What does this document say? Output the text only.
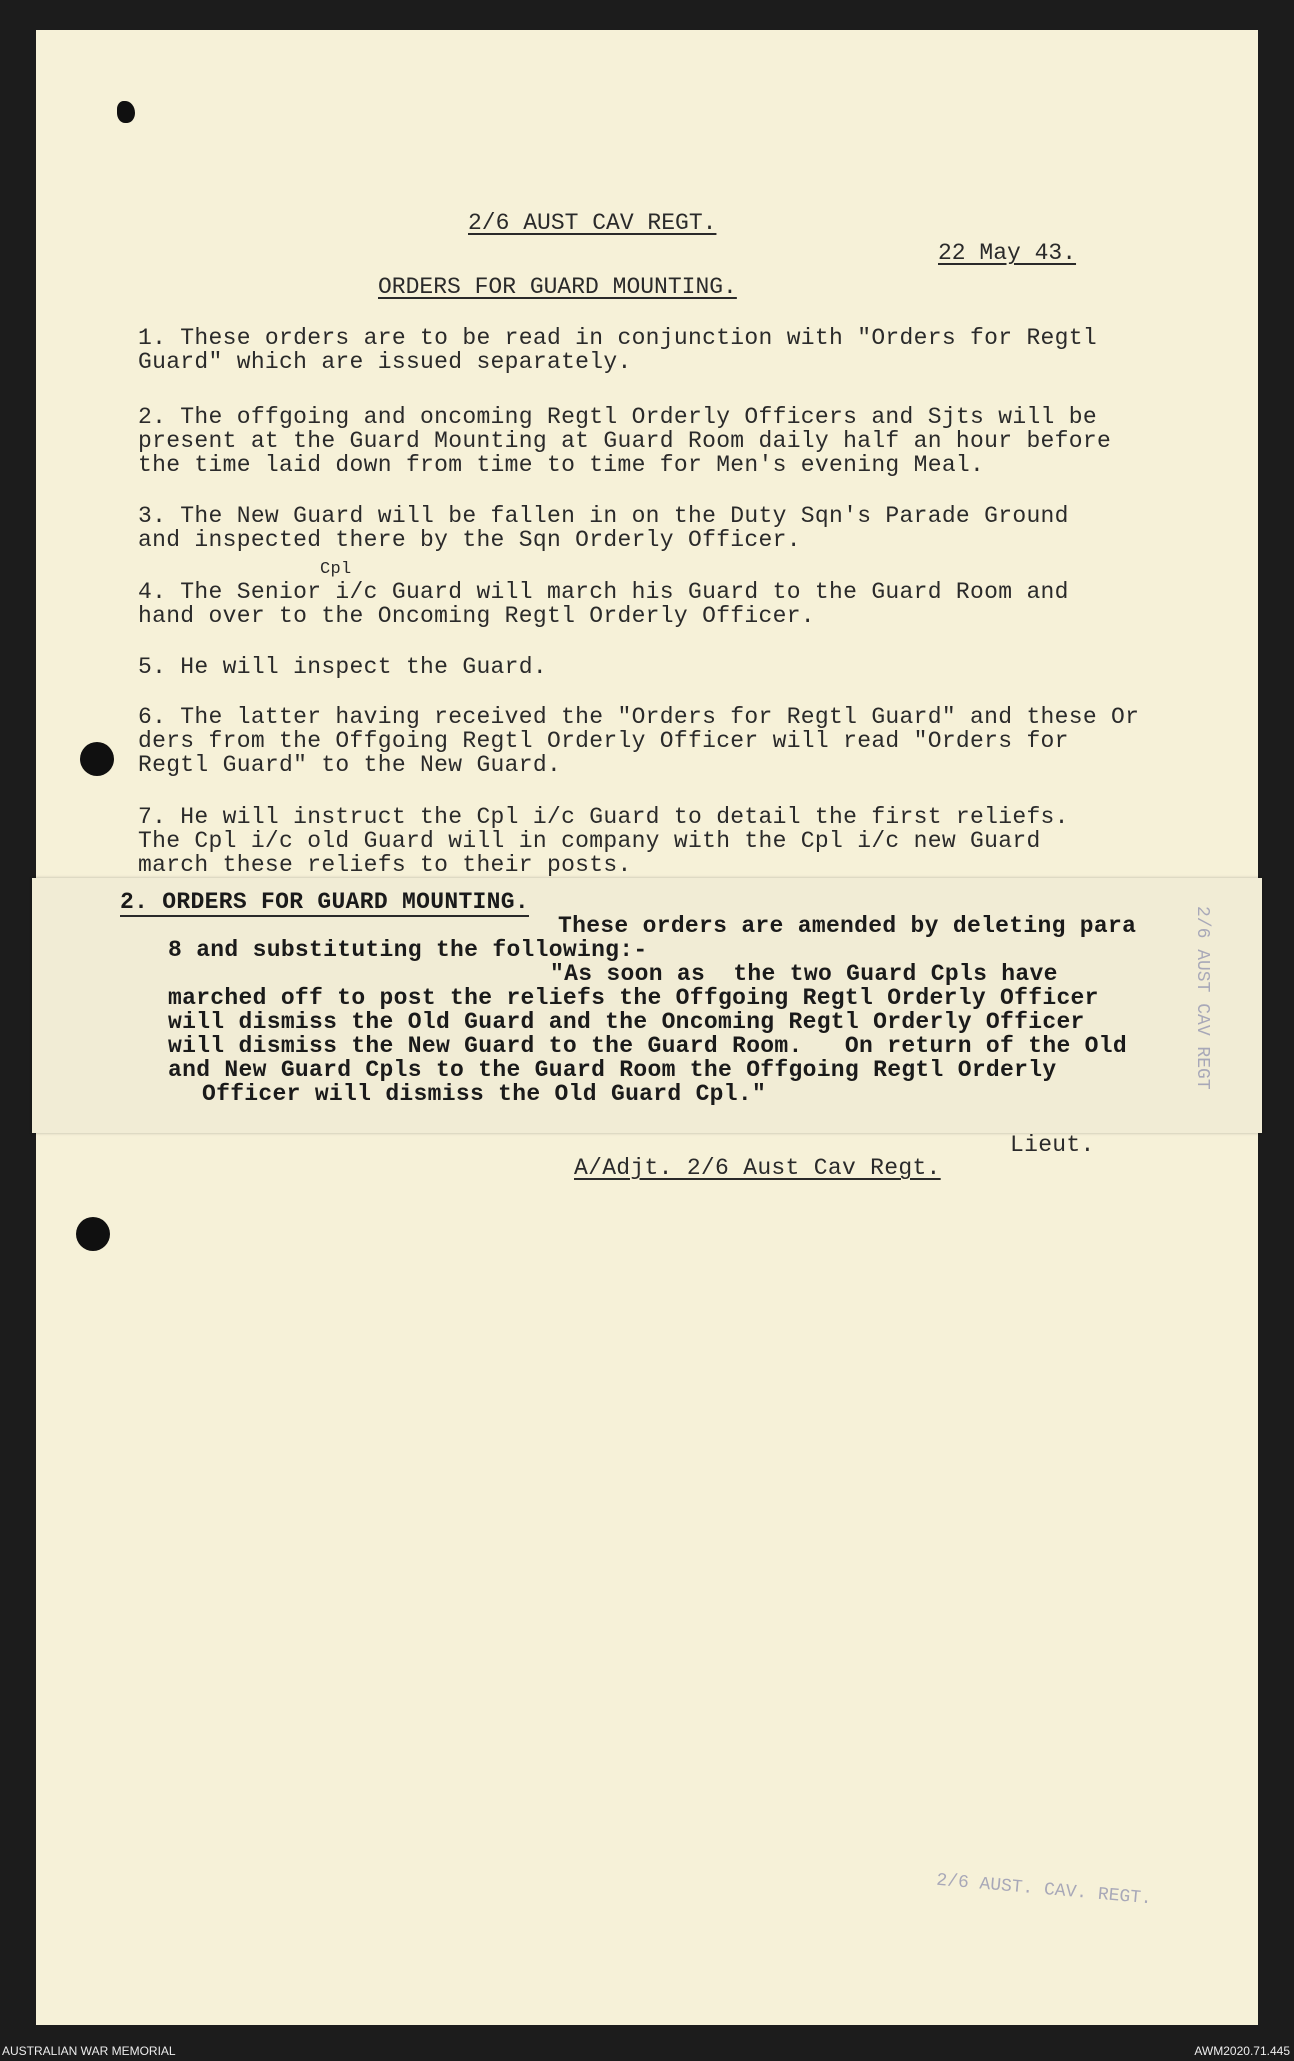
2/6 AUST CAV REGT.
22 May 43.
ORDERS FOR GUARD MOUNTING.
1. These orders are to be read in conjunction with "Orders for Regtl
Guard" which are issued separately.
2. The offgoing and oncoming Regtl Orderly Officers and Sjts will be
present at the Guard Mounting at Guard Room daily half an hour before
the time laid down from time to time for Men's evening Meal.
3. The New Guard will be fallen in on the Duty Sqn's Parade Ground
and inspected there by the Sqn Orderly Officer.
Cpl
4. The Senior i/c Guard will march his Guard to the Guard Room and
hand over to the Oncoming Regtl Orderly Officer.
5. He will inspect the Guard.
6. The latter having received the "Orders for Regtl Guard" and these Or
ders from the Offgoing Regtl Orderly Officer will read "Orders for
Regtl Guard" to the New Guard.
7. He will instruct the Cpl i/c Guard to detail the first reliefs.
The Cpl i/c old Guard will in company with the Cpl i/c new Guard
march these reliefs to their posts.
2. ORDERS FOR GUARD MOUNTING.
These orders are amended by deleting para
8 and substituting the following:-
"As soon as  the two Guard Cpls have
marched off to post the reliefs the Offgoing Regtl Orderly Officer
will dismiss the Old Guard and the Oncoming Regtl Orderly Officer
will dismiss the New Guard to the Guard Room.   On return of the Old
and New Guard Cpls to the Guard Room the Offgoing Regtl Orderly
Officer will dismiss the Old Guard Cpl."
2/6 AUST CAV REGT
Lieut.
A/Adjt. 2/6 Aust Cav Regt.
2/6 AUST. CAV. REGT.
AUSTRALIAN WAR MEMORIAL	AWM2020.71.445
